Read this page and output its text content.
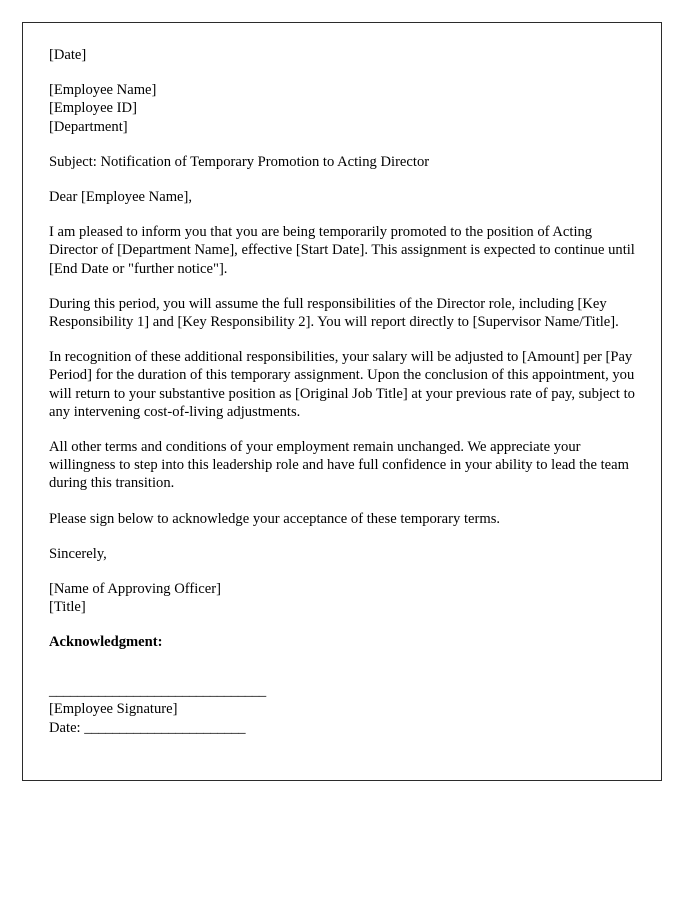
[Date]

[Employee Name]
[Employee ID]
[Department]

Subject: Notification of Temporary Promotion to Acting Director

Dear [Employee Name],

I am pleased to inform you that you are being temporarily promoted to the position of Acting Director of [Department Name], effective [Start Date]. This assignment is expected to continue until [End Date or "further notice"].

During this period, you will assume the full responsibilities of the Director role, including [Key Responsibility 1] and [Key Responsibility 2]. You will report directly to [Supervisor Name/Title].

In recognition of these additional responsibilities, your salary will be adjusted to [Amount] per [Pay Period] for the duration of this temporary assignment. Upon the conclusion of this appointment, you will return to your substantive position as [Original Job Title] at your previous rate of pay, subject to any intervening cost-of-living adjustments.

All other terms and conditions of your employment remain unchanged. We appreciate your willingness to step into this leadership role and have full confidence in your ability to lead the team during this transition.

Please sign below to acknowledge your acceptance of these temporary terms.

Sincerely,

[Name of Approving Officer]
[Title]

Acknowledgment:

_______________________________
[Employee Signature]

Date: _______________________
